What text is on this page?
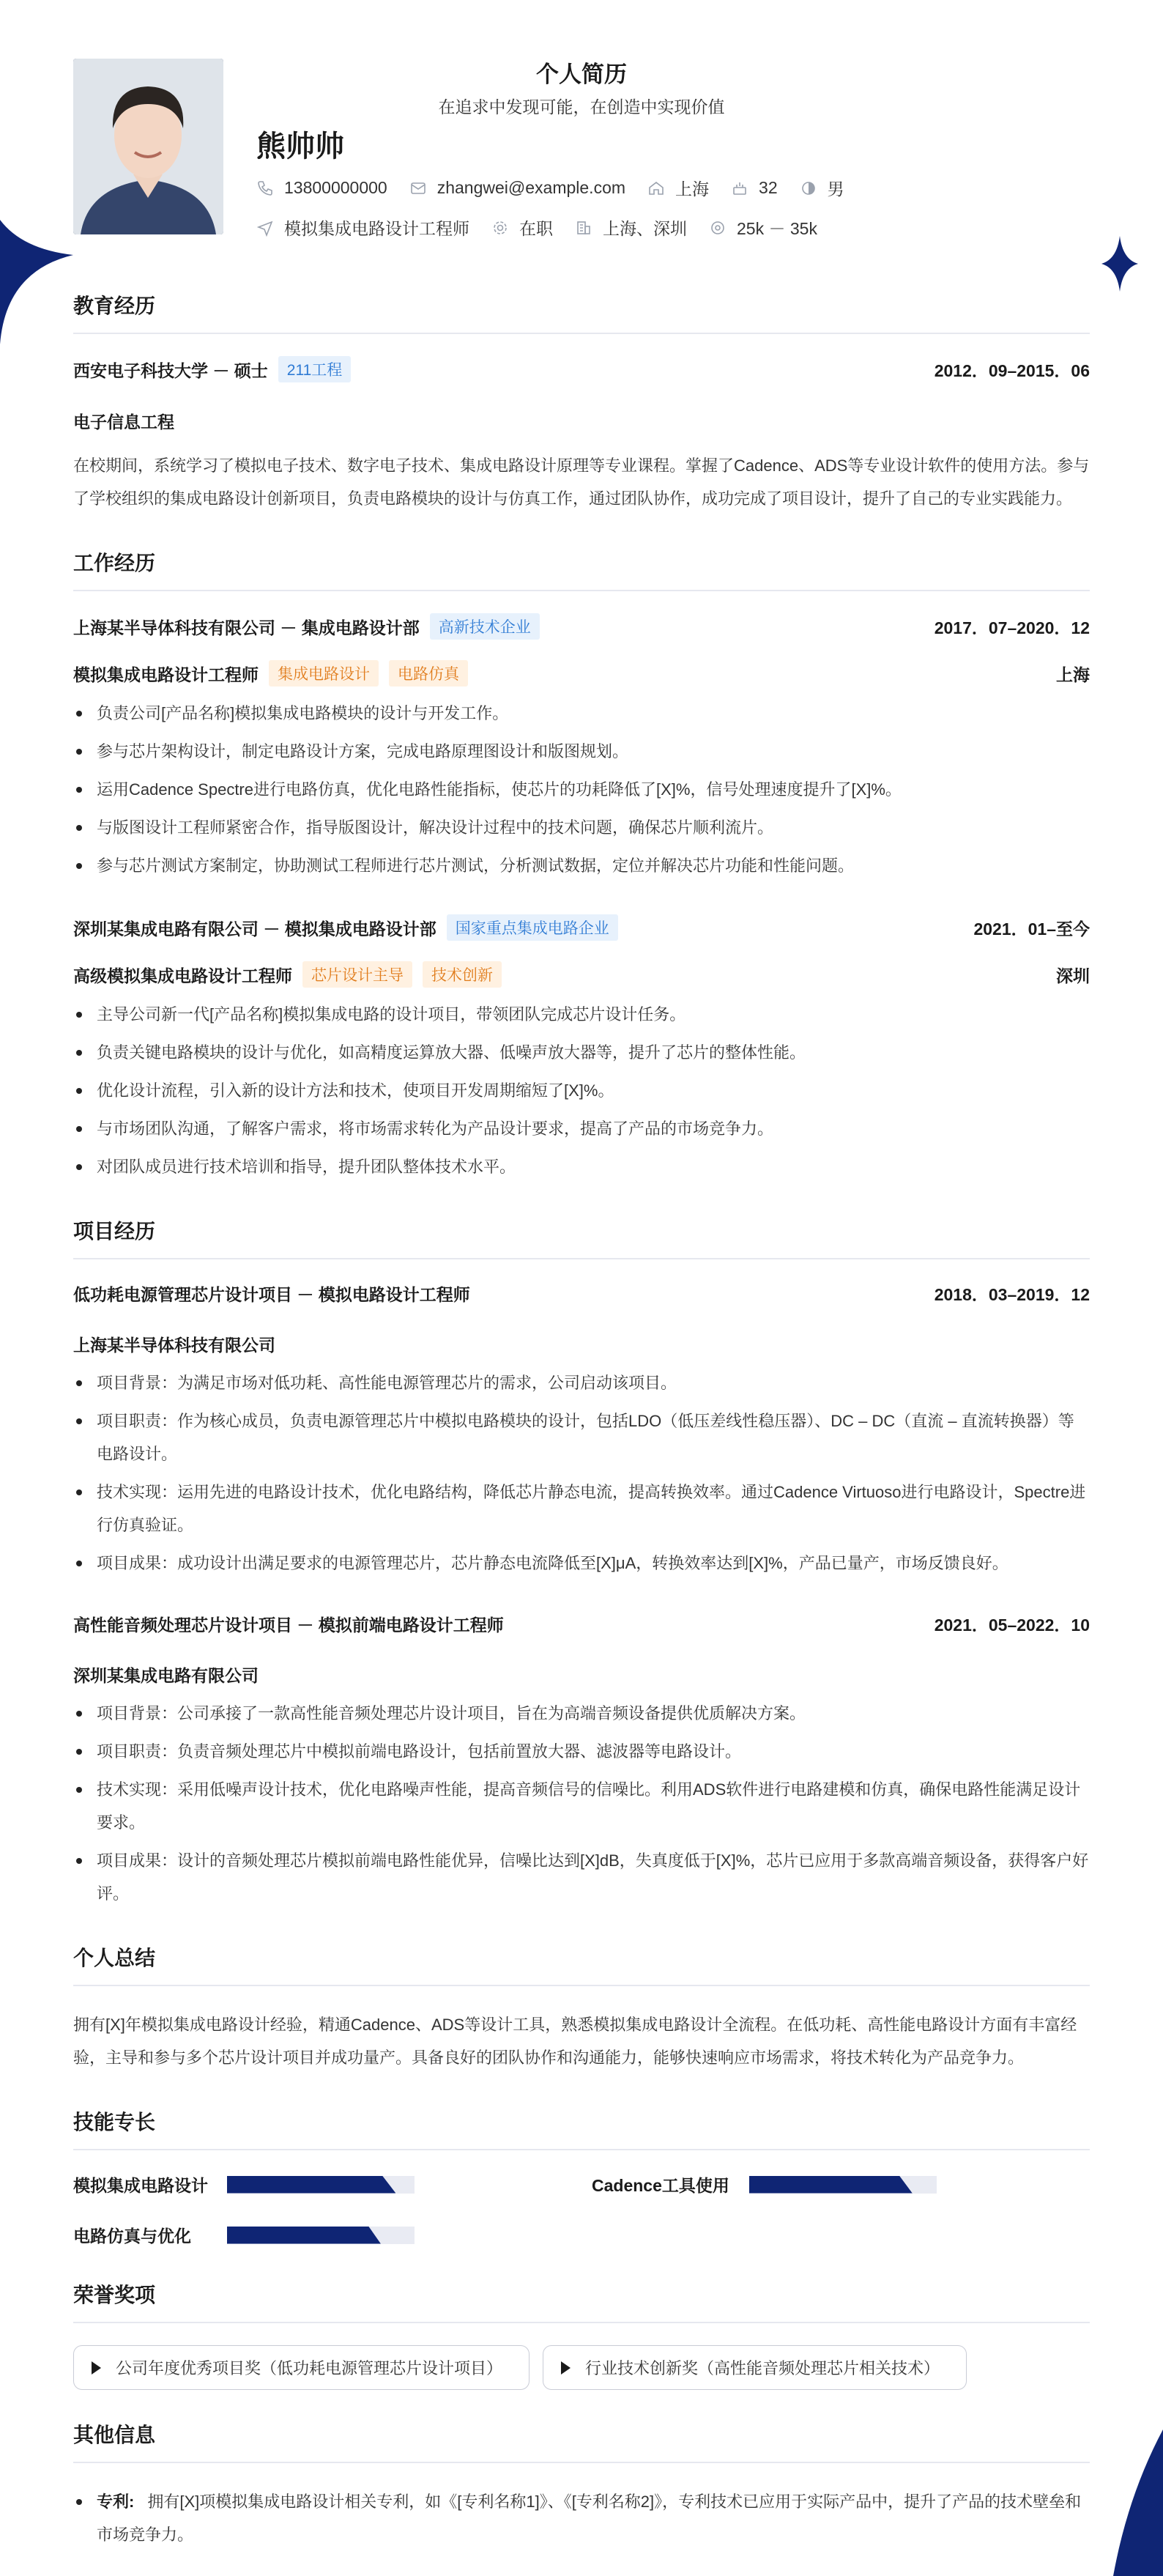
个人简历
在追求中发现可能，在创造中实现价值
熊帅帅
13800000000	zhangwei@example.com	上海	32	男
模拟集成电路设计工程师	在职	上海、深圳	25k － 35k
教育经历
西安电子科技大学 － 硕士	211工程	2012．09–2015．06
电子信息工程
在校期间，系统学习了模拟电子技术、数字电子技术、集成电路设计原理等专业课程。掌握了Cadence、ADS等专业设计软件的使用方法。参与了学校组织的集成电路设计创新项目，负责电路模块的设计与仿真工作，通过团队协作，成功完成了项目设计，提升了自己的专业实践能力。
工作经历
上海某半导体科技有限公司 － 集成电路设计部	高新技术企业	2017．07–2020．12
模拟集成电路设计工程师	集成电路设计	电路仿真	上海
负责公司[产品名称]模拟集成电路模块的设计与开发工作。
参与芯片架构设计，制定电路设计方案，完成电路原理图设计和版图规划。
运用Cadence Spectre进行电路仿真，优化电路性能指标，使芯片的功耗降低了[X]%，信号处理速度提升了[X]%。
与版图设计工程师紧密合作，指导版图设计，解决设计过程中的技术问题，确保芯片顺利流片。
参与芯片测试方案制定，协助测试工程师进行芯片测试，分析测试数据，定位并解决芯片功能和性能问题。
深圳某集成电路有限公司 － 模拟集成电路设计部	国家重点集成电路企业	2021．01–至今
高级模拟集成电路设计工程师	芯片设计主导	技术创新	深圳
主导公司新一代[产品名称]模拟集成电路的设计项目，带领团队完成芯片设计任务。
负责关键电路模块的设计与优化，如高精度运算放大器、低噪声放大器等，提升了芯片的整体性能。
优化设计流程，引入新的设计方法和技术，使项目开发周期缩短了[X]%。
与市场团队沟通，了解客户需求，将市场需求转化为产品设计要求，提高了产品的市场竞争力。
对团队成员进行技术培训和指导，提升团队整体技术水平。
项目经历
低功耗电源管理芯片设计项目 － 模拟电路设计工程师	2018．03–2019．12
上海某半导体科技有限公司
项目背景：为满足市场对低功耗、高性能电源管理芯片的需求，公司启动该项目。
项目职责：作为核心成员，负责电源管理芯片中模拟电路模块的设计，包括LDO（低压差线性稳压器）、DC – DC（直流 – 直流转换器）等电路设计。
技术实现：运用先进的电路设计技术，优化电路结构，降低芯片静态电流，提高转换效率。通过Cadence Virtuoso进行电路设计，Spectre进行仿真验证。
项目成果：成功设计出满足要求的电源管理芯片，芯片静态电流降低至[X]μA，转换效率达到[X]%，产品已量产，市场反馈良好。
高性能音频处理芯片设计项目 － 模拟前端电路设计工程师	2021．05–2022．10
深圳某集成电路有限公司
项目背景：公司承接了一款高性能音频处理芯片设计项目，旨在为高端音频设备提供优质解决方案。
项目职责：负责音频处理芯片中模拟前端电路设计，包括前置放大器、滤波器等电路设计。
技术实现：采用低噪声设计技术，优化电路噪声性能，提高音频信号的信噪比。利用ADS软件进行电路建模和仿真，确保电路性能满足设计要求。
项目成果：设计的音频处理芯片模拟前端电路性能优异，信噪比达到[X]dB，失真度低于[X]%，芯片已应用于多款高端音频设备，获得客户好评。
个人总结
拥有[X]年模拟集成电路设计经验，精通Cadence、ADS等设计工具，熟悉模拟集成电路设计全流程。在低功耗、高性能电路设计方面有丰富经验，主导和参与多个芯片设计项目并成功量产。具备良好的团队协作和沟通能力，能够快速响应市场需求，将技术转化为产品竞争力。
技能专长
模拟集成电路设计	Cadence工具使用
电路仿真与优化
荣誉奖项
公司年度优秀项目奖（低功耗电源管理芯片设计项目）	行业技术创新奖（高性能音频处理芯片相关技术）
其他信息
专利: 拥有[X]项模拟集成电路设计相关专利，如《[专利名称1]》、《[专利名称2]》，专利技术已应用于实际产品中，提升了产品的技术壁垒和市场竞争力。
